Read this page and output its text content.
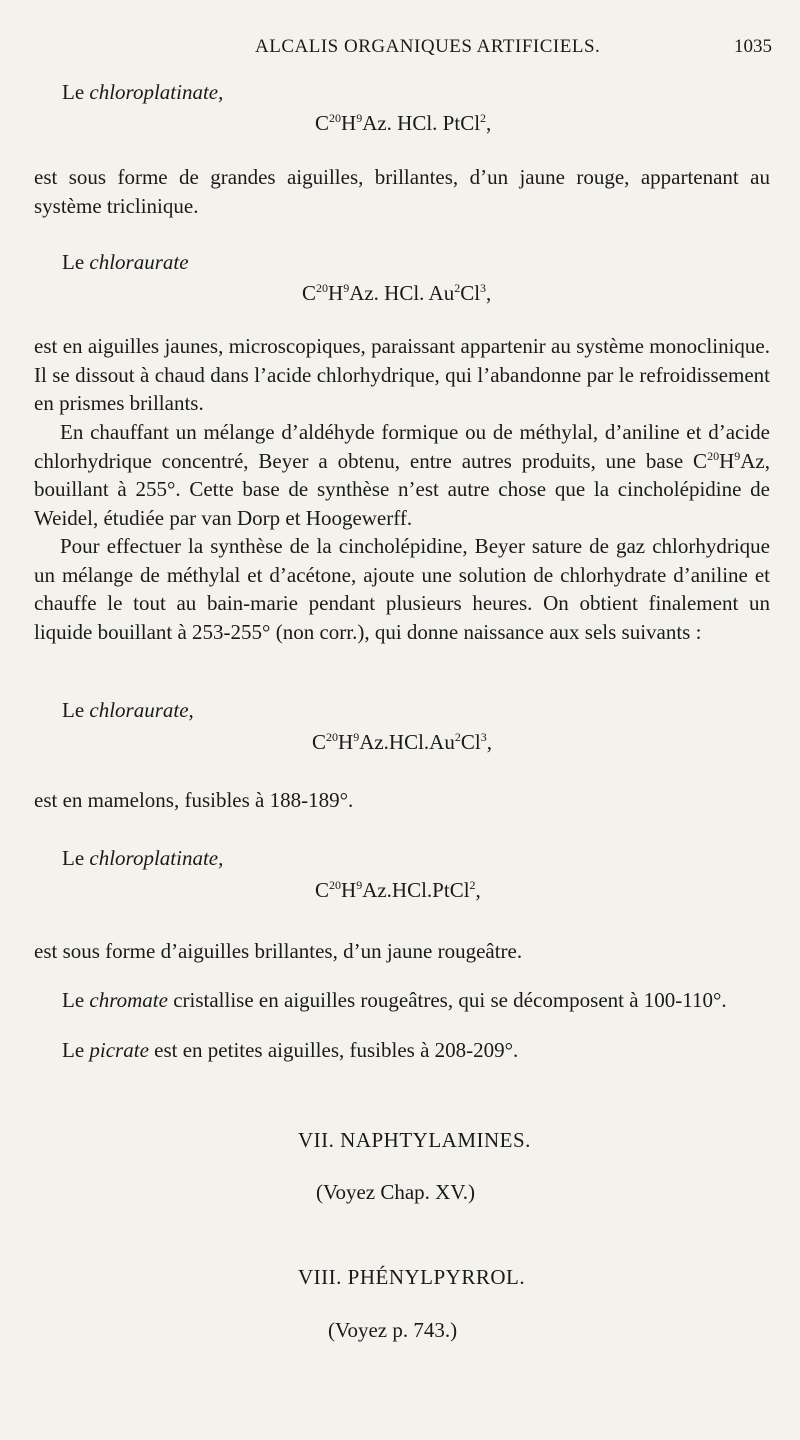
ALCALIS ORGANIQUES ARTIFICIELS.	1035
Le chloroplatinate,
$C^{20}H^9Az$. HCl. PtCl$^2$,

est sous forme de grandes aiguilles, brillantes, d’un jaune rouge, appartenant au système triclinique.

Le chloraurate
$C^{20}H^9Az$. HCl. Au$^2$Cl$^3$,

est en aiguilles jaunes, microscopiques, paraissant appartenir au système monoclinique. Il se dissout à chaud dans l’acide chlorhydrique, qui l’abandonne par le refroidissement en prismes brillants.

En chauffant un mélange d’aldéhyde formique ou de méthylal, d’aniline et d’acide chlorhydrique concentré, Beyer a obtenu, entre autres produits, une base $C^{20}H^9Az$, bouillant à 255°. Cette base de synthèse n’est autre chose que la cincholépidine de Weidel, étudiée par van Dorp et Hoogewerff.

Pour effectuer la synthèse de la cincholépidine, Beyer sature de gaz chlorhydrique un mélange de méthylal et d’acétone, ajoute une solution de chlorhydrate d’aniline et chauffe le tout au bain-marie pendant plusieurs heures. On obtient finalement un liquide bouillant à 253-255° (non corr.), qui donne naissance aux sels suivants :

Le chloraurate,
$C^{20}H^9Az.HCl.Au^2Cl^3$,
est en mamelons, fusibles à 188-189°.
Le chloroplatinate,
$C^{20}H^9Az.HCl.PtCl^2$,
est sous forme d’aiguilles brillantes, d’un jaune rougeâtre.
Le chromate cristallise en aiguilles rougeâtres, qui se décomposent à 100-110°.
Le picrate est en petites aiguilles, fusibles à 208-209°.
VII. NAPHTYLAMINES.
(Voyez Chap. XV.)
VIII. PHÉNYLPYRROL.
(Voyez p. 743.)
